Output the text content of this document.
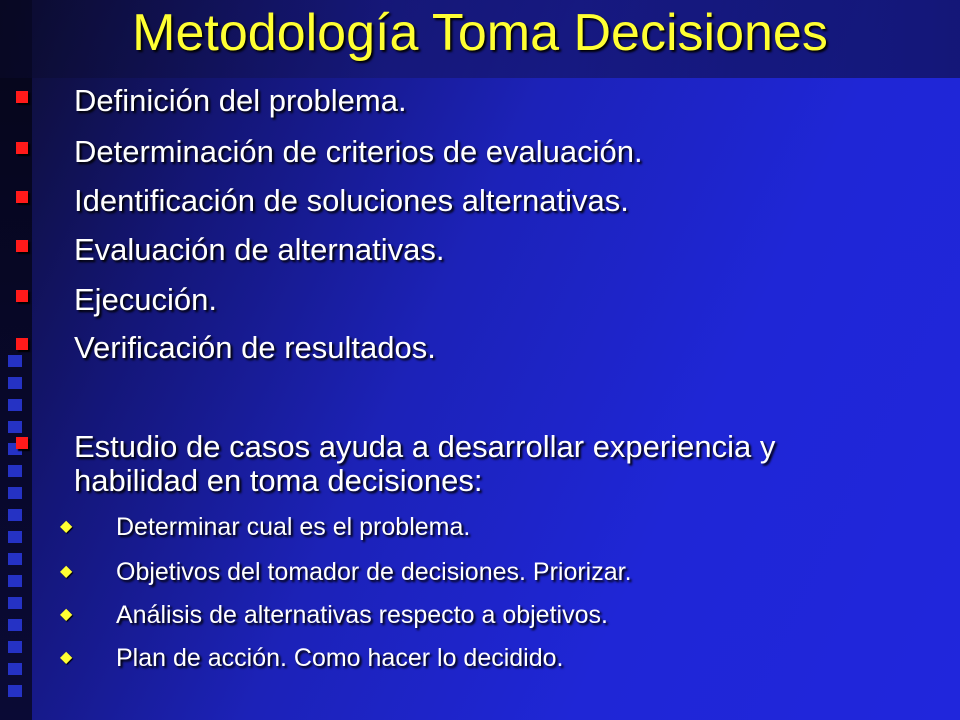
Metodología Toma Decisiones
Definición del problema.
Determinación de criterios de evaluación.
Identificación de soluciones alternativas.
Evaluación de alternativas.
Ejecución.
Verificación de resultados.
Estudio de casos ayuda a desarrollar experiencia y
habilidad en toma decisiones:
◆ Determinar cual es el problema.
◆ Objetivos del tomador de decisiones. Priorizar.
◆ Análisis de alternativas respecto a objetivos.
◆ Plan de acción. Como hacer lo decidido.
